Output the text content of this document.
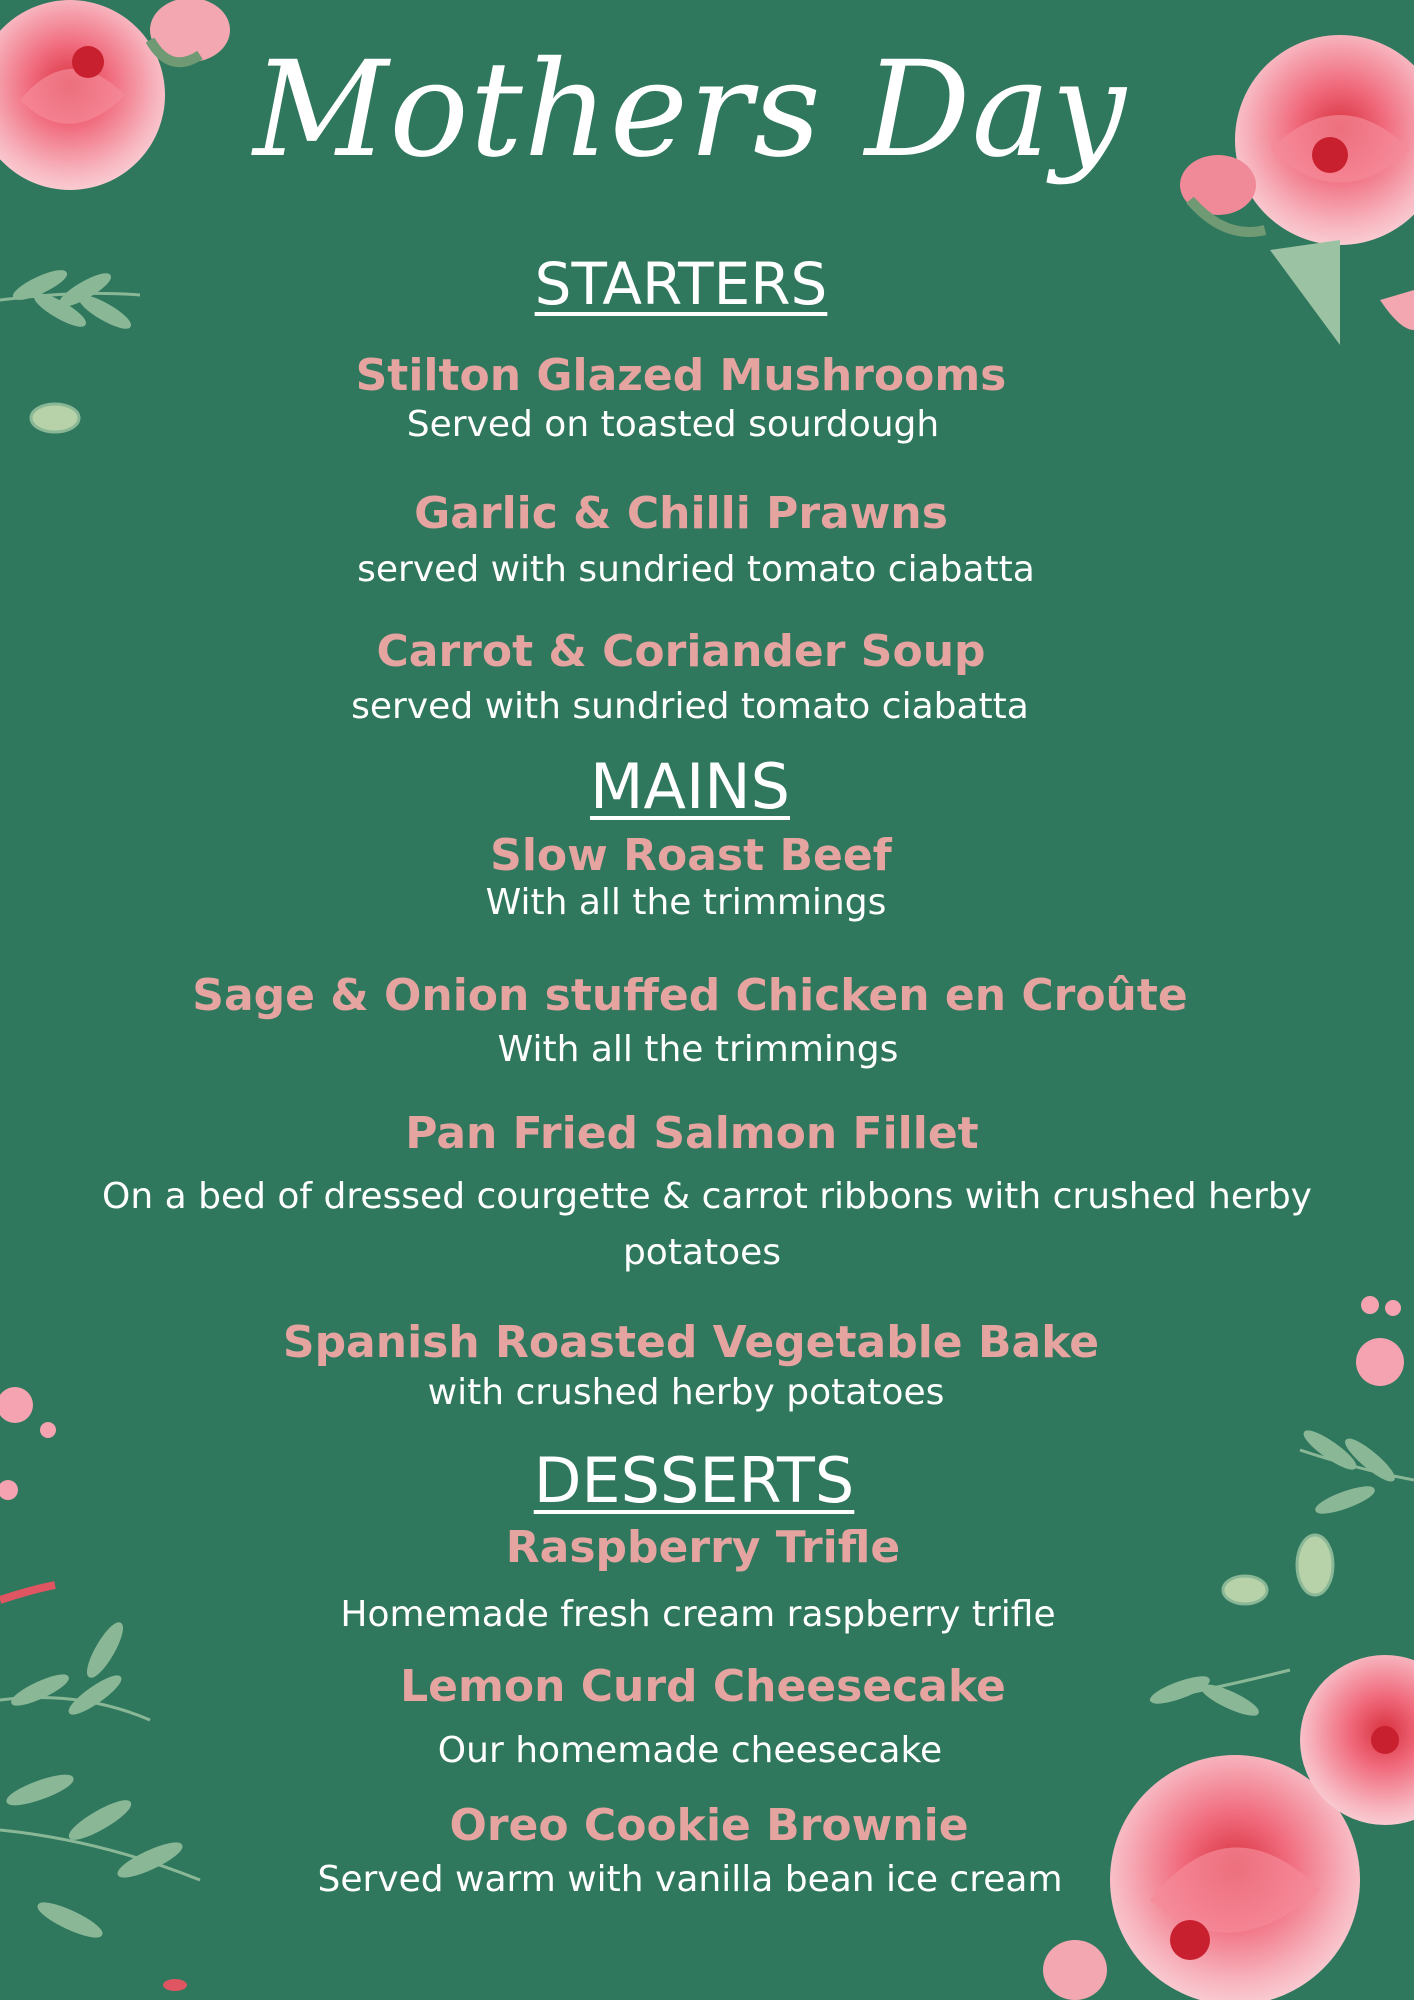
Mothers Day
STARTERS
Stilton Glazed Mushrooms
Served on toasted sourdough
Garlic & Chilli Prawns
served with sundried tomato ciabatta
Carrot & Coriander Soup
served with sundried tomato ciabatta
MAINS
Slow Roast Beef
With all the trimmings
Sage & Onion stuffed Chicken en Croûte
With all the trimmings
Pan Fried Salmon Fillet
On a bed of dressed courgette & carrot ribbons with crushed herby
potatoes
Spanish Roasted Vegetable Bake
with crushed herby potatoes
DESSERTS
Raspberry Trifle
Homemade fresh cream raspberry trifle
Lemon Curd Cheesecake
Our homemade cheesecake
Oreo Cookie Brownie
Served warm with vanilla bean ice cream
